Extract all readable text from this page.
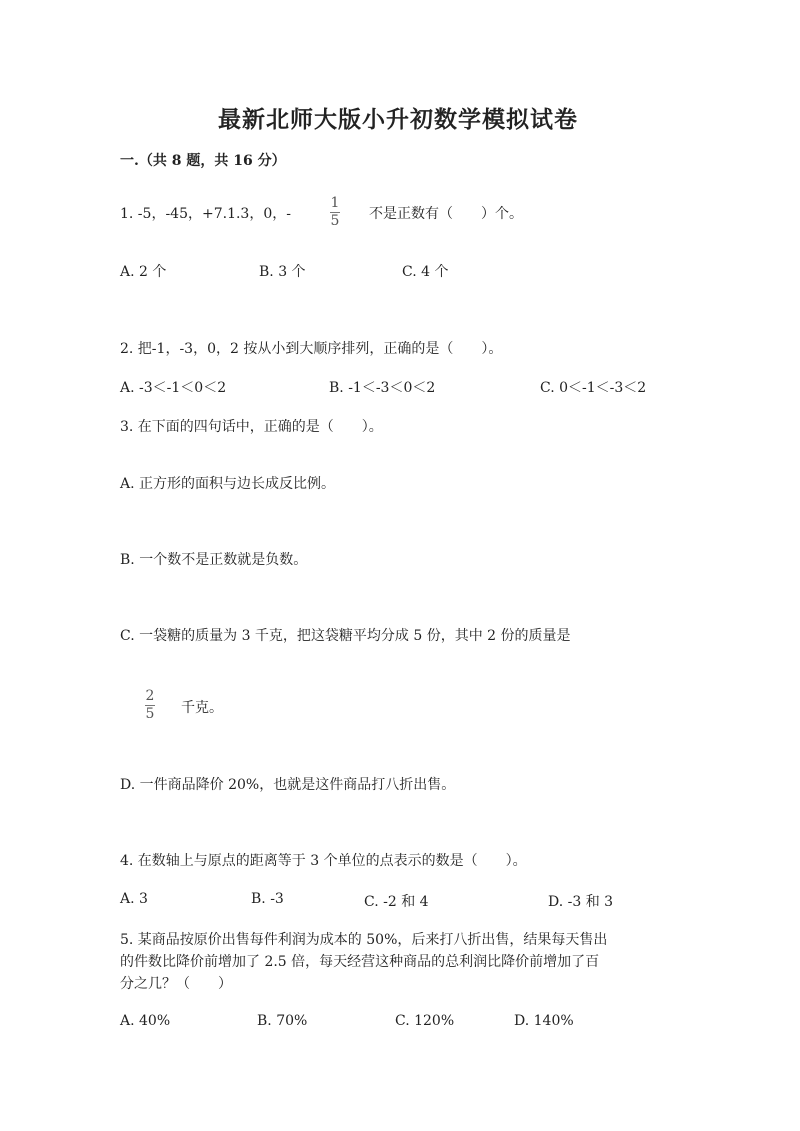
最新北师大版小升初数学模拟试卷
一.（共 8 题，共 16 分）
1. -5，-45，+7.1.3，0，-
1
5 不是正数有（　　）个。
A. 2 个	B. 3 个	C. 4 个
2. 把-1，-3，0，2 按从小到大顺序排列，正确的是（　　）。
A. -3＜-1＜0＜2	B. -1＜-3＜0＜2	C. 0＜-1＜-3＜2
3. 在下面的四句话中，正确的是（　　）。
A. 正方形的面积与边长成反比例。
B. 一个数不是正数就是负数。
C. 一袋糖的质量为 3 千克，把这袋糖平均分成 5 份，其中 2 份的质量是
2
5 千克。
D. 一件商品降价 20%，也就是这件商品打八折出售。
4. 在数轴上与原点的距离等于 3 个单位的点表示的数是（　　）。
A. 3	B. -3	C. -2 和 4	D. -3 和 3
5. 某商品按原价出售每件利润为成本的 50%，后来打八折出售，结果每天售出
的件数比降价前增加了 2.5 倍，每天经营这种商品的总利润比降价前增加了百
分之几？（　　）
A. 40%	B. 70%	C. 120%	D. 140%
